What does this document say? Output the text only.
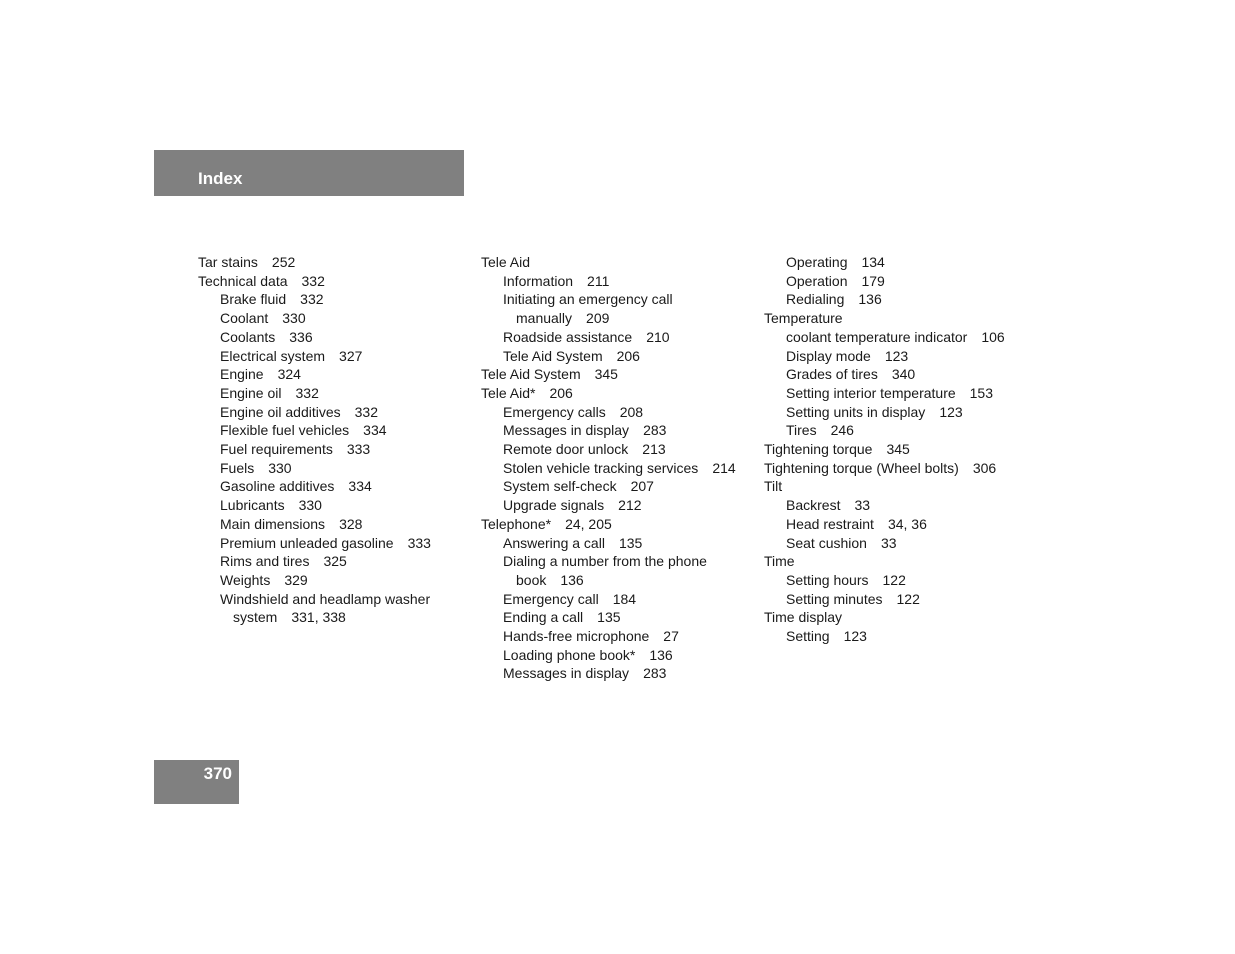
Index
Tar stains 252
Technical data 332
Brake fluid 332
Coolant 330
Coolants 336
Electrical system 327
Engine 324
Engine oil 332
Engine oil additives 332
Flexible fuel vehicles 334
Fuel requirements 333
Fuels 330
Gasoline additives 334
Lubricants 330
Main dimensions 328
Premium unleaded gasoline 333
Rims and tires 325
Weights 329
Windshield and headlamp washer
system 331, 338
Tele Aid
Information 211
Initiating an emergency call
manually 209
Roadside assistance 210
Tele Aid System 206
Tele Aid System 345
Tele Aid* 206
Emergency calls 208
Messages in display 283
Remote door unlock 213
Stolen vehicle tracking services 214
System self-check 207
Upgrade signals 212
Telephone* 24, 205
Answering a call 135
Dialing a number from the phone
book 136
Emergency call 184
Ending a call 135
Hands-free microphone 27
Loading phone book* 136
Messages in display 283
Operating 134
Operation 179
Redialing 136
Temperature
coolant temperature indicator 106
Display mode 123
Grades of tires 340
Setting interior temperature 153
Setting units in display 123
Tires 246
Tightening torque 345
Tightening torque (Wheel bolts) 306
Tilt
Backrest 33
Head restraint 34, 36
Seat cushion 33
Time
Setting hours 122
Setting minutes 122
Time display
Setting 123
370
